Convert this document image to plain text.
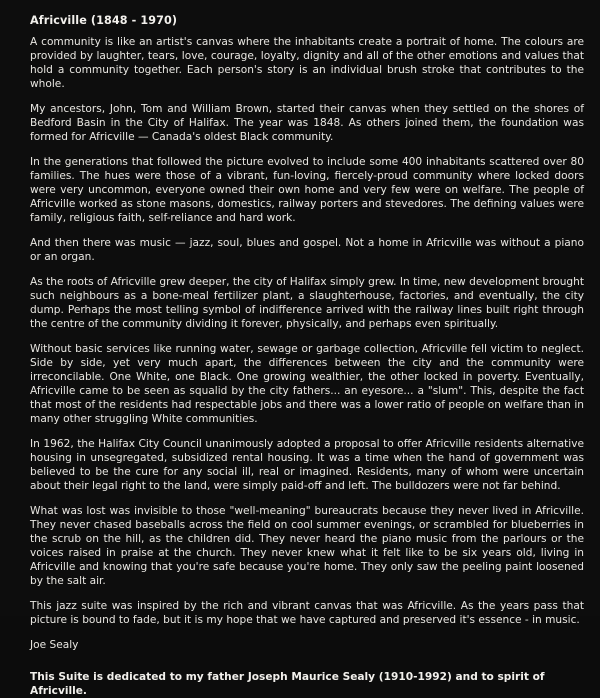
Africville (1848 - 1970)

A community is like an artist's canvas where the inhabitants create a portrait of home. The colours are provided by laughter, tears, love, courage, loyalty, dignity and all of the other emotions and values that hold a community together. Each person's story is an individual brush stroke that contributes to the whole.

My ancestors, John, Tom and William Brown, started their canvas when they settled on the shores of Bedford Basin in the City of Halifax. The year was 1848. As others joined them, the foundation was formed for Africville — Canada's oldest Black community.

In the generations that followed the picture evolved to include some 400 inhabitants scattered over 80 families. The hues were those of a vibrant, fun-loving, fiercely-proud community where locked doors were very uncommon, everyone owned their own home and very few were on welfare. The people of Africville worked as stone masons, domestics, railway porters and stevedores. The defining values were family, religious faith, self-reliance and hard work.

And then there was music — jazz, soul, blues and gospel. Not a home in Africville was without a piano or an organ.

As the roots of Africville grew deeper, the city of Halifax simply grew. In time, new development brought such neighbours as a bone-meal fertilizer plant, a slaughterhouse, factories, and eventually, the city dump. Perhaps the most telling symbol of indifference arrived with the railway lines built right through the centre of the community dividing it forever, physically, and perhaps even spiritually.

Without basic services like running water, sewage or garbage collection, Africville fell victim to neglect. Side by side, yet very much apart, the differences between the city and the community were irreconcilable. One White, one Black. One growing wealthier, the other locked in poverty. Eventually, Africville came to be seen as squalid by the city fathers... an eyesore... a "slum". This, despite the fact that most of the residents had respectable jobs and there was a lower ratio of people on welfare than in many other struggling White communities.

In 1962, the Halifax City Council unanimously adopted a proposal to offer Africville residents alternative housing in unsegregated, subsidized rental housing. It was a time when the hand of government was believed to be the cure for any social ill, real or imagined. Residents, many of whom were uncertain about their legal right to the land, were simply paid-off and left. The bulldozers were not far behind.

What was lost was invisible to those "well-meaning" bureaucrats because they never lived in Africville. They never chased baseballs across the field on cool summer evenings, or scrambled for blueberries in the scrub on the hill, as the children did. They never heard the piano music from the parlours or the voices raised in praise at the church. They never knew what it felt like to be six years old, living in Africville and knowing that you're safe because you're home. They only saw the peeling paint loosened by the salt air.

This jazz suite was inspired by the rich and vibrant canvas that was Africville. As the years pass that picture is bound to fade, but it is my hope that we have captured and preserved it's essence - in music.

Joe Sealy

This Suite is dedicated to my father Joseph Maurice Sealy (1910-1992) and to spirit of Africville.
